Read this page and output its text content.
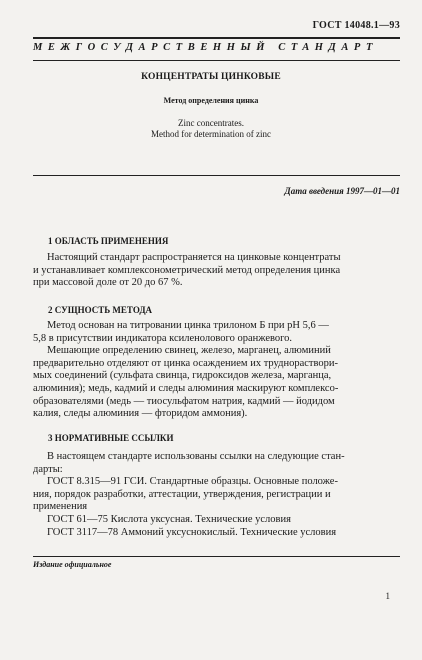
ГОСТ 14048.1—93
МЕЖГОСУДАРСТВЕННЫЙ СТАНДАРТ
КОНЦЕНТРАТЫ ЦИНКОВЫЕ
Метод определения цинка
Zinc concentrates.
Method for determination of zinc
Дата введения 1997—01—01
1 ОБЛАСТЬ ПРИМЕНЕНИЯ
Настоящий стандарт распространяется на цинковые концентраты
и устанавливает комплексонометрический метод определения цинка
при массовой доле от 20 до 67 %.
2 СУЩНОСТЬ МЕТОДА
Метод основан на титровании цинка трилоном Б при pH 5,6 —
5,8 в присутствии индикатора ксиленолового оранжевого.
Мешающие определению свинец, железо, марганец, алюминий
предварительно отделяют от цинка осаждением их труднораствори-
мых соединений (сульфата свинца, гидроксидов железа, марганца,
алюминия); медь, кадмий и следы алюминия маскируют комплексо-
образователями (медь — тиосульфатом натрия, кадмий — йодидом
калия, следы алюминия — фторидом аммония).
3 НОРМАТИВНЫЕ ССЫЛКИ
В настоящем стандарте использованы ссылки на следующие стан-
дарты:
ГОСТ 8.315—91 ГСИ. Стандартные образцы. Основные положе-
ния, порядок разработки, аттестации, утверждения, регистрации и
применения
ГОСТ 61—75 Кислота уксусная. Технические условия
ГОСТ 3117—78 Аммоний уксуснокислый. Технические условия
Издание официальное
1
